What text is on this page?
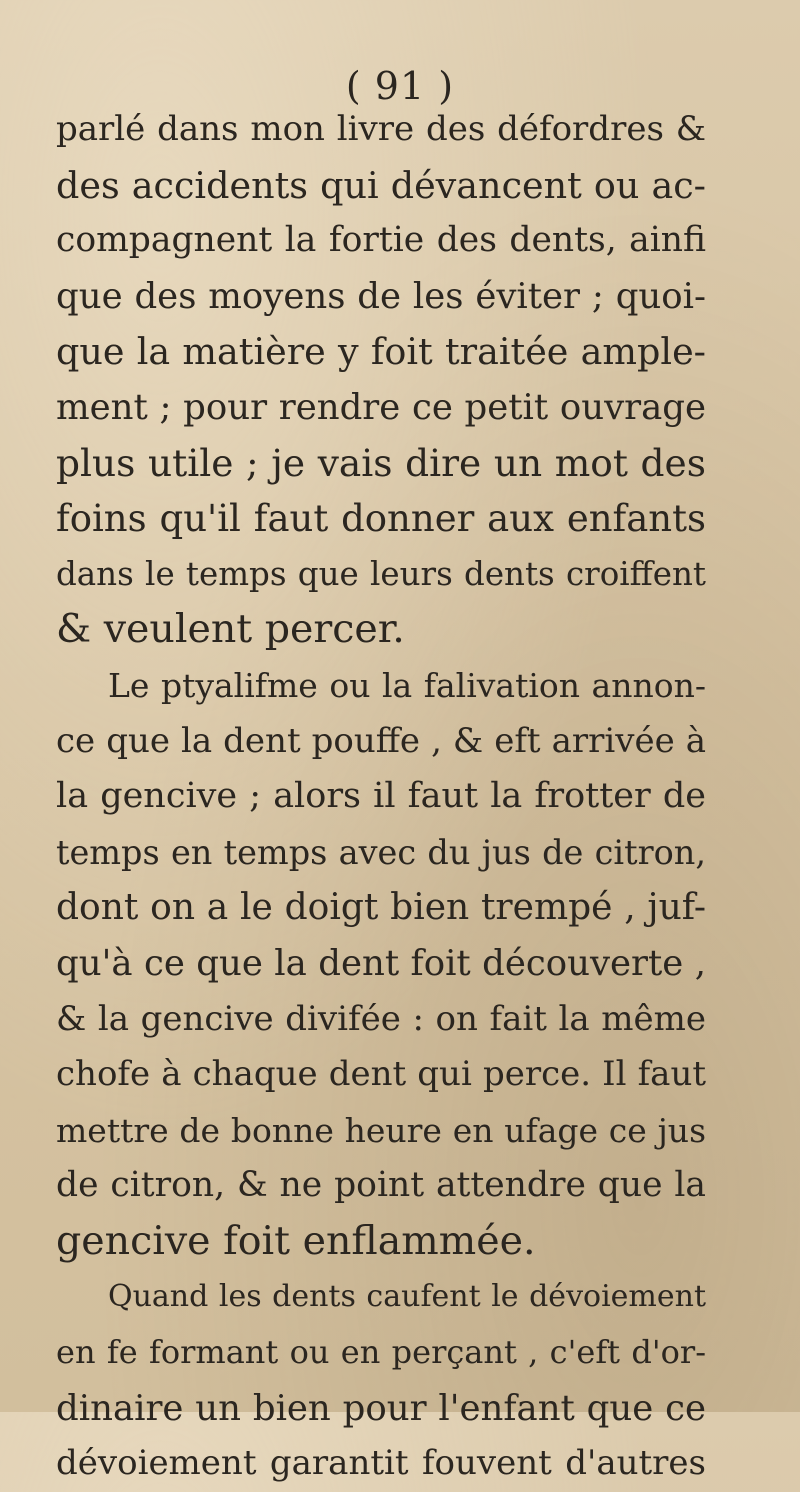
( 91 )
parlé dans mon livre des défordres &
des accidents qui dévancent ou ac-
compagnent la fortie des dents, ainfi
que des moyens de les éviter ; quoi-
que la matière y foit traitée ample-
ment ; pour rendre ce petit ouvrage
plus utile ; je vais dire un mot des
foins qu'il faut donner aux enfants
dans le temps que leurs dents croiffent
& veulent percer.
Le ptyalifme ou la falivation annon-
ce que la dent pouffe , & eft arrivée à
la gencive ; alors il faut la frotter de
temps en temps avec du jus de citron,
dont on a le doigt bien trempé , juf-
qu'à ce que la dent foit découverte ,
& la gencive divifée : on fait la même
chofe à chaque dent qui perce. Il faut
mettre de bonne heure en ufage ce jus
de citron, & ne point attendre que la
gencive foit enflammée.
Quand les dents caufent le dévoiement
en fe formant ou en perçant , c'eft d'or-
dinaire un bien pour l'enfant que ce
dévoiement garantit fouvent d'autres
